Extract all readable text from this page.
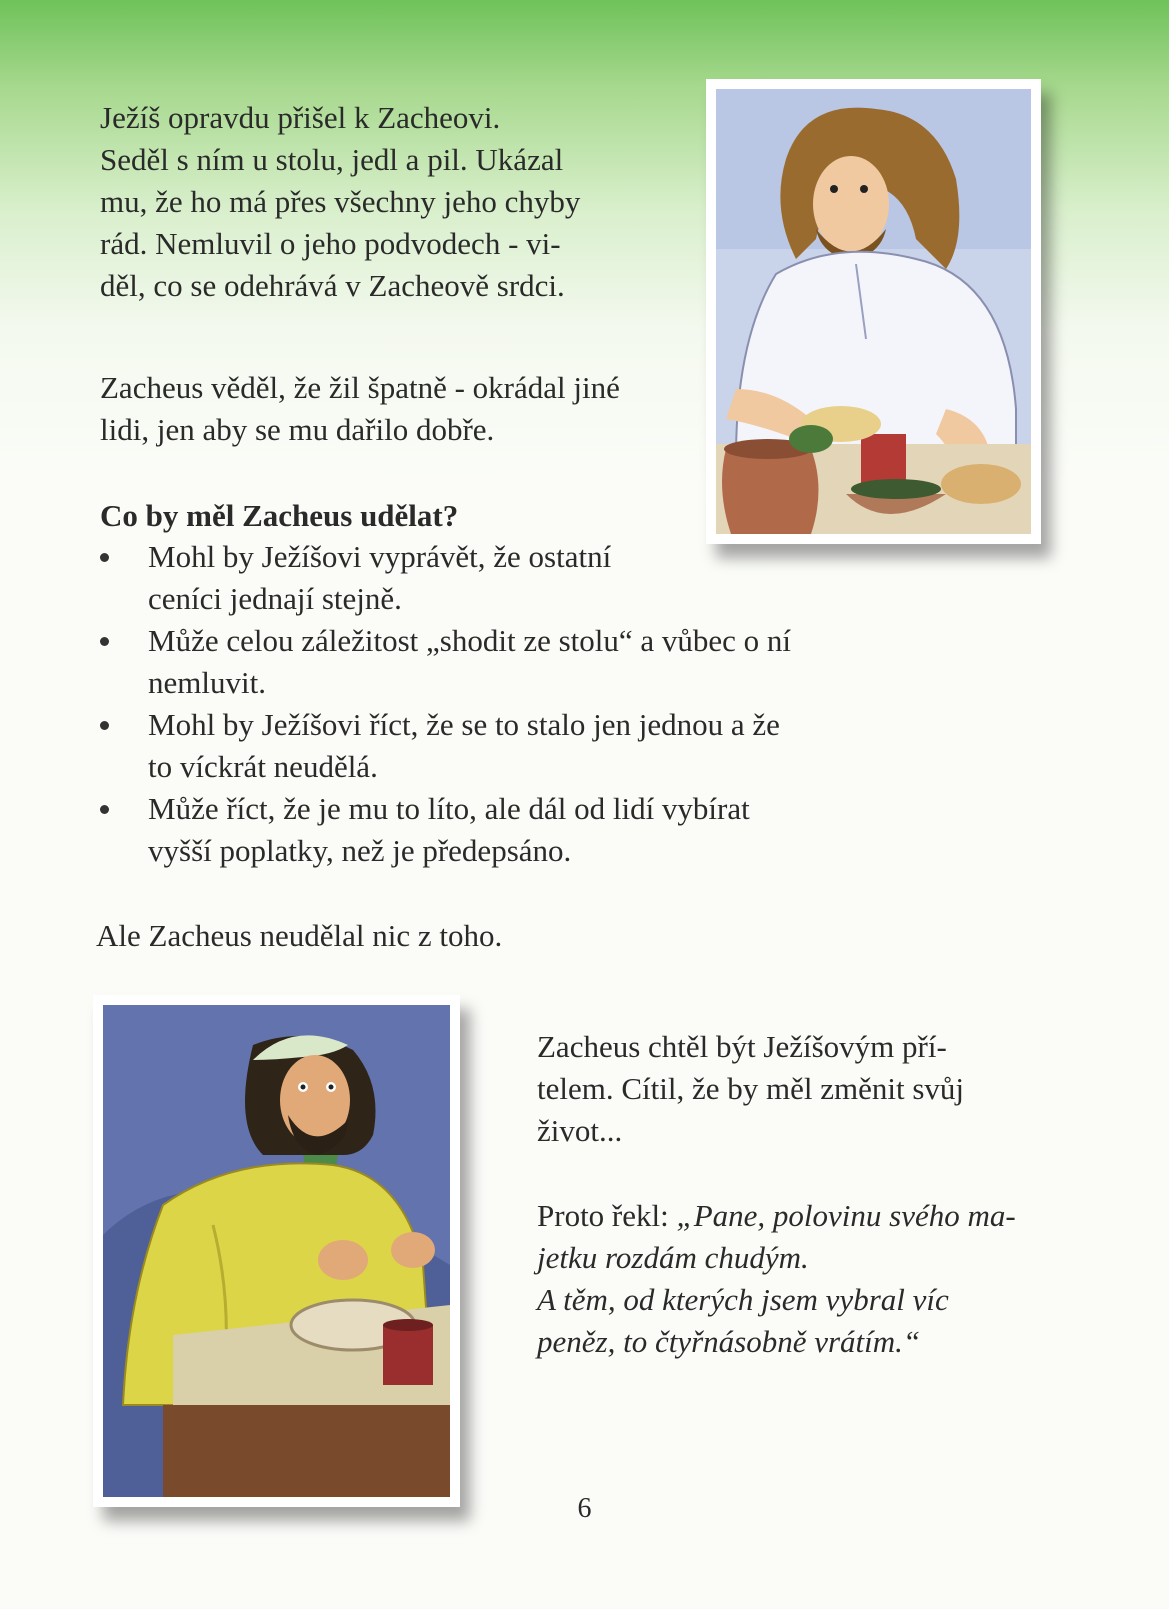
Ježíš opravdu přišel k Zacheovi.
Seděl s ním u stolu, jedl a pil. Ukázal
mu, že ho má přes všechny jeho chyby
rád. Nemluvil o jeho podvodech - vi-
děl, co se odehrává v Zacheově srdci.
Zacheus věděl, že žil špatně - okrádal jiné
lidi, jen aby se mu dařilo dobře.
Co by měl Zacheus udělat?
Mohl by Ježíšovi vyprávět, že ostatní
ceníci jednají stejně.
Může celou záležitost „shodit ze stolu“ a vůbec o ní
nemluvit.
Mohl by Ježíšovi říct, že se to stalo jen jednou a že
to víckrát neudělá.
Může říct, že je mu to líto, ale dál od lidí vybírat
vyšší poplatky, než je předepsáno.
Ale Zacheus neudělal nic z toho.
Zacheus chtěl být Ježíšovým pří-
telem. Cítil, že by měl změnit svůj
život...
Proto řekl: „Pane, polovinu svého ma-
jetku rozdám chudým.
A těm, od kterých jsem vybral víc
peněz, to čtyřnásobně vrátím.“
6
